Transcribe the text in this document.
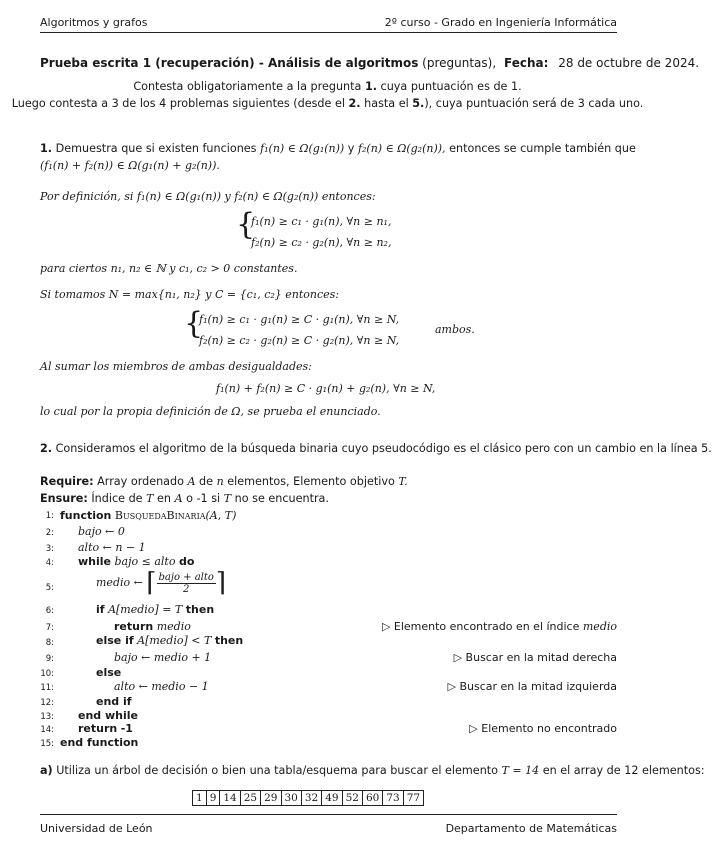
Algoritmos y grafos	2º curso - Grado en Ingeniería Informática
Prueba escrita 1 (recuperación) - Análisis de algoritmos (preguntas), Fecha: 28 de octubre de 2024.
Contesta obligatoriamente a la pregunta 1. cuya puntuación es de 1.
Luego contesta a 3 de los 4 problemas siguientes (desde el 2. hasta el 5.), cuya puntuación será de 3 cada uno.
1. Demuestra que si existen funciones f₁(n) ∈ Ω(g₁(n)) y f₂(n) ∈ Ω(g₂(n)), entonces se cumple también que
(f₁(n) + f₂(n)) ∈ Ω(g₁(n) + g₂(n)).
Por definición, si f₁(n) ∈ Ω(g₁(n)) y f₂(n) ∈ Ω(g₂(n)) entonces:
{
f₁(n) ≥ c₁ · g₁(n), ∀n ≥ n₁,
f₂(n) ≥ c₂ · g₂(n), ∀n ≥ n₂,
para ciertos n₁, n₂ ∈ ℕ y c₁, c₂ > 0 constantes.
Si tomamos N = max{n₁, n₂} y C = {c₁, c₂} entonces:
{
f₁(n) ≥ c₁ · g₁(n) ≥ C · g₁(n), ∀n ≥ N,
f₂(n) ≥ c₂ · g₂(n) ≥ C · g₂(n), ∀n ≥ N,
ambos.
Al sumar los miembros de ambas desigualdades:
f₁(n) + f₂(n) ≥ C · g₁(n) + g₂(n), ∀n ≥ N,
lo cual por la propia definición de Ω, se prueba el enunciado.
2. Consideramos el algoritmo de la búsqueda binaria cuyo pseudocódigo es el clásico pero con un cambio en la línea 5.
Require: Array ordenado A de n elementos, Elemento objetivo T.
Ensure: Índice de T en A o -1 si T no se encuentra.
1:
2:
3:
4:
5:
6:
7:
8:
9:
10:
11:
12:
13:
14:
15:
function BusquedaBinaria(A, T)
bajo ← 0
alto ← n − 1
while bajo ≤ alto do
medio ← ⌈ $\frac{\text{bajo + alto}}{2}$ ⌉
if A[medio] = T then
return medio	▷ Elemento encontrado en el índice medio
else if A[medio] < T then
bajo ← medio + 1	▷ Buscar en la mitad derecha
else
alto ← medio − 1	▷ Buscar en la mitad izquierda
end if
end while
return -1	▷ Elemento no encontrado
end function
a) Utiliza un árbol de decisión o bien una tabla/esquema para buscar el elemento T = 14 en el array de 12 elementos:
1	9	14	25	29	30	32	49	52	60	73	77
Universidad de León	Departamento de Matemáticas
